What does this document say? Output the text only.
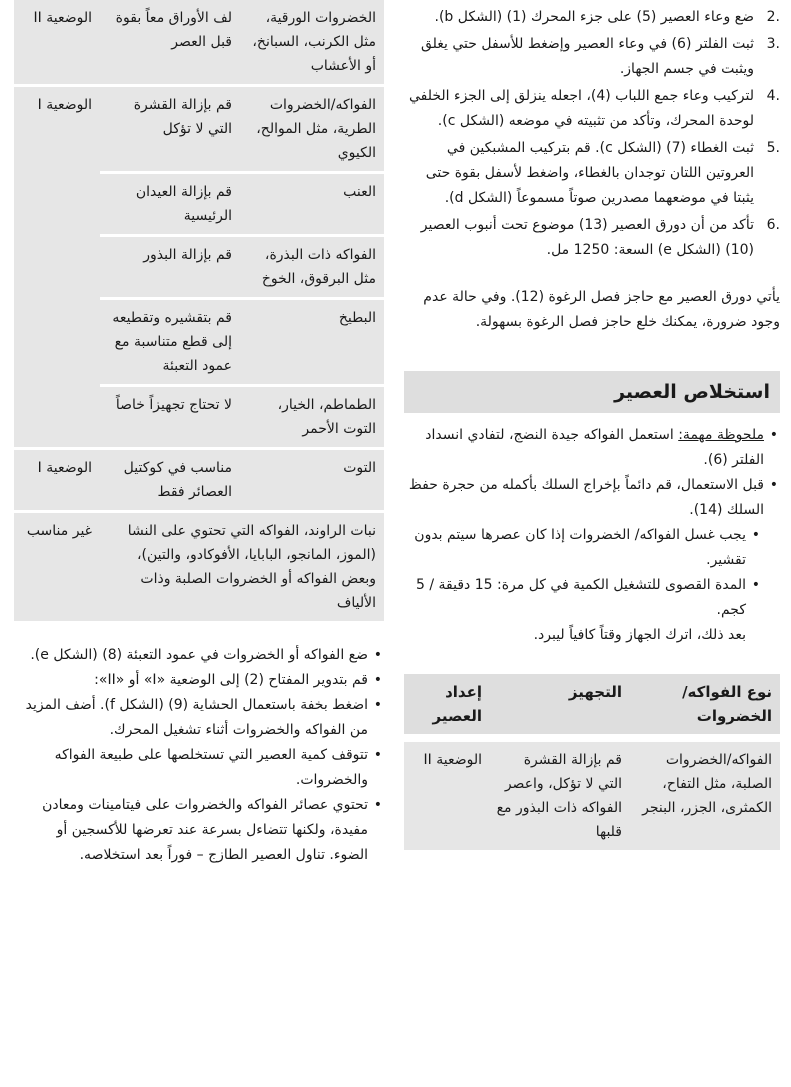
الخضروات الورقية، مثل الكرنب، السبانخ، أو الأعشاب
لف الأوراق معاً بقوة قبل العصر
الوضعية II
الفواكه/الخضروات الطرية، مثل الموالح، الكيوي
قم بإزالة القشرة التي لا تؤكل
العنب
قم بإزالة العيدان الرئيسية
الفواكه ذات البذرة، مثل البرقوق، الخوخ
قم بإزالة البذور
البطيخ
قم بتقشيره وتقطيعه إلى قطع متناسبة مع عمود التعبئة
الطماطم، الخيار، التوت الأحمر
لا تحتاج تجهيزاً خاصاً
الوضعية I
التوت
مناسب في كوكتيل العصائر فقط
الوضعية I
نبات الراوند، الفواكه التي تحتوي على النشا (الموز، المانجو، البابايا، الأفوكادو، والتين)، وبعض الفواكه أو الخضروات الصلبة وذات الألياف
غير مناسب
•
ضع الفواكه أو الخضروات في عمود التعبئة (8) (الشكل e).
•
قم بتدوير المفتاح (2) إلى الوضعية «I» أو «II»:
•
اضغط بخفة باستعمال الحشاية (9) (الشكل f). أضف المزيد من الفواكه والخضروات أثناء تشغيل المحرك.
•
تتوقف كمية العصير التي تستخلصها على طبيعة الفواكه والخضروات.
•
تحتوي عصائر الفواكه والخضروات على فيتامينات ومعادن مفيدة، ولكنها تتضاءل بسرعة عند تعرضها للأكسجين أو الضوء. تناول العصير الطازج – فوراً بعد استخلاصه.
2.
ضع وعاء العصير (5) على جزء المحرك (1) (الشكل b).
3.
ثبت الفلتر (6) في وعاء العصير وإضغط للأسفل حتي يغلق ويثبت في جسم الجهاز.
4.
لتركيب وعاء جمع اللباب (4)، اجعله ينزلق إلى الجزء الخلفي لوحدة المحرك، وتأكد من تثبيته في موضعه (الشكل c).
5.
ثبت الغطاء (7) (الشكل c). قم بتركيب المشبكين في العروتين اللتان توجدان بالغطاء، واضغط لأسفل بقوة حتى يثبتا في موضعهما مصدرين صوتاً مسموعاً (الشكل d).
6.
تأكد من أن دورق العصير (13) موضوع تحت أنبوب العصير (10) (الشكل e) السعة: 1250 مل.

يأتي دورق العصير مع حاجز فصل الرغوة (12). وفي حالة عدم وجود ضرورة، يمكنك خلع حاجز فصل الرغوة بسهولة.

استخلاص العصير
•
ملحوظة مهمة: استعمل الفواكه جيدة النضج، لتفادي انسداد الفلتر (6).
•
قبل الاستعمال، قم دائماً بإخراج السلك بأكمله من حجرة حفظ السلك (14).
•
يجب غسل الفواكه/ الخضروات إذا كان عصرها سيتم بدون تقشير.
•
المدة القصوى للتشغيل الكمية في كل مرة: 15 دقيقة / 5 كجم.

بعد ذلك، اترك الجهاز وقتاً كافياً ليبرد.

نوع الفواكه/ الخضروات
التجهيز
إعداد العصير
الفواكه/الخضروات الصلبة، مثل التفاح، الكمثرى، الجزر، البنجر
قم بإزالة القشرة التي لا تؤكل، واعصر الفواكه ذات البذور مع قلبها
الوضعية II
